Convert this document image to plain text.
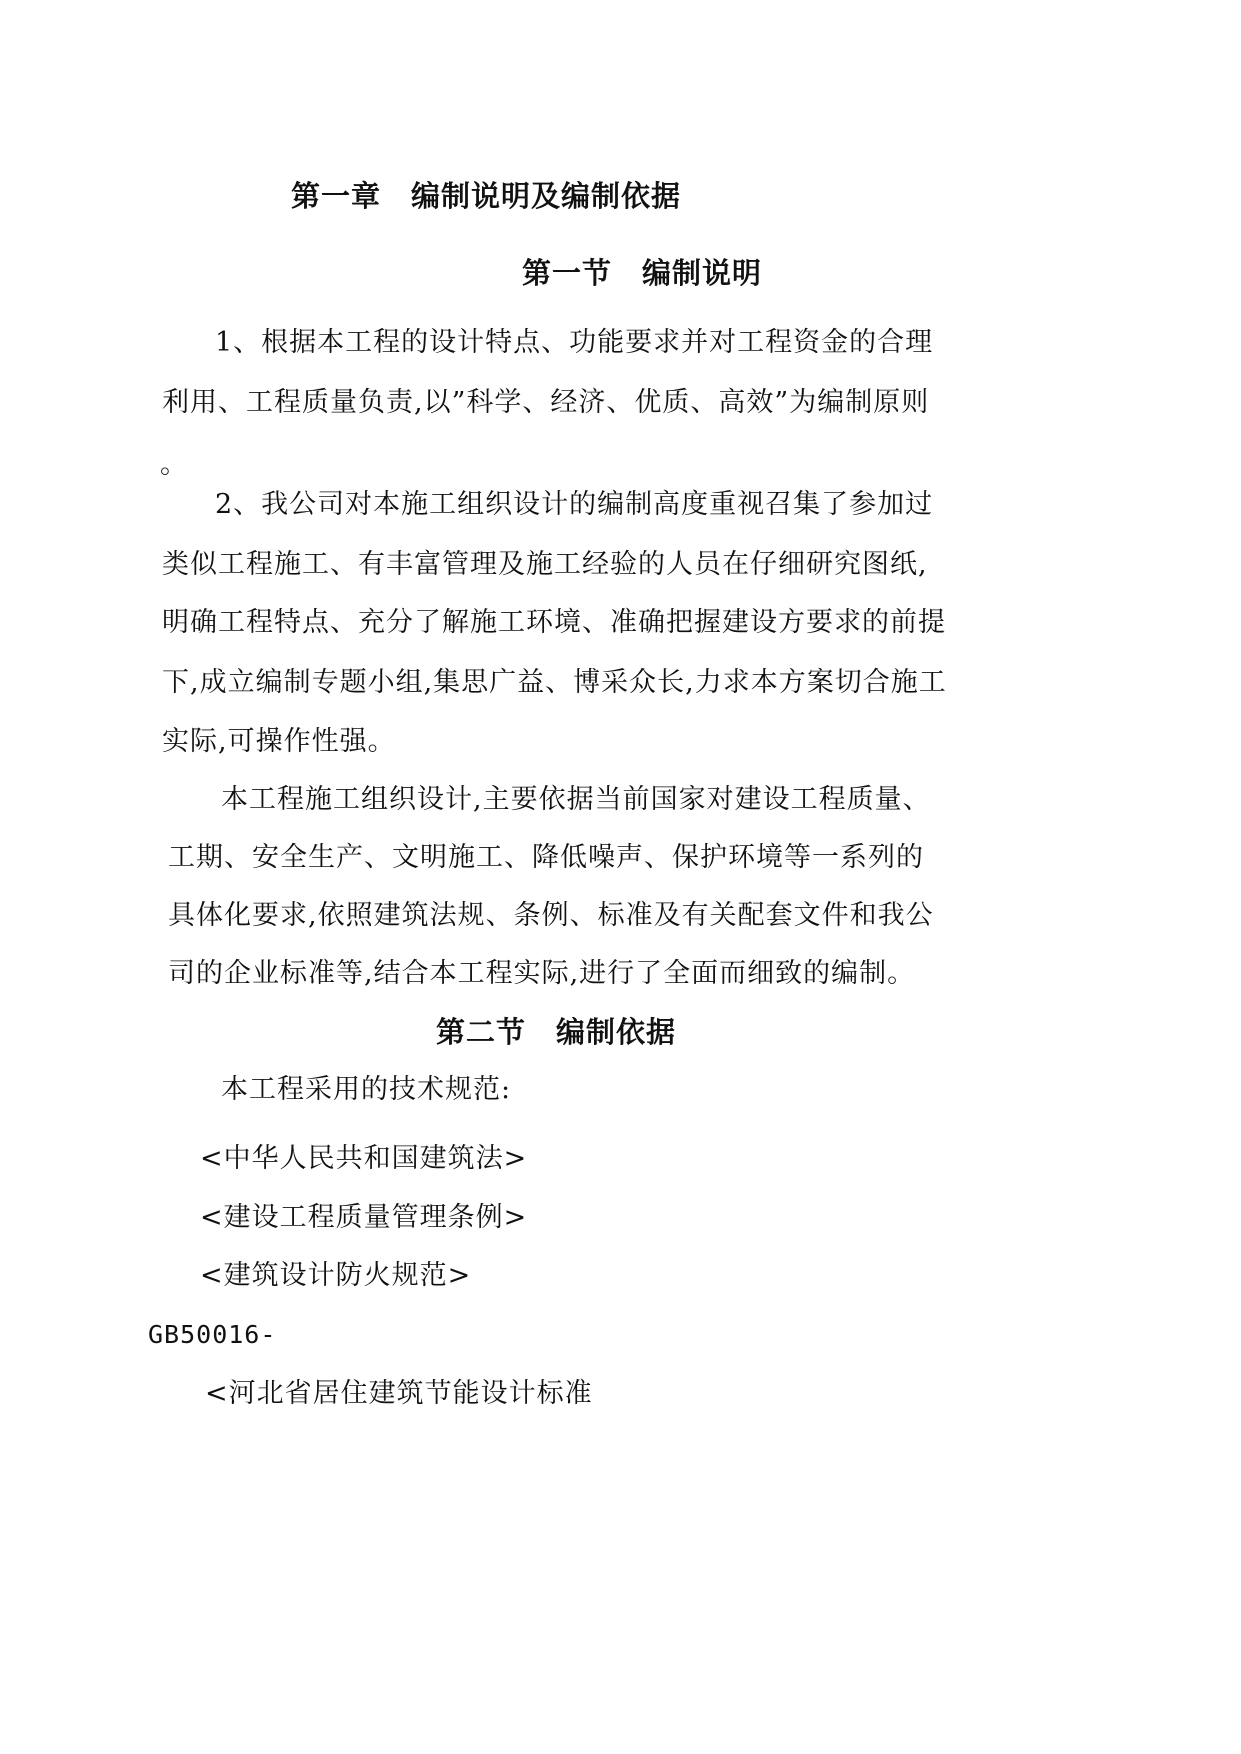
第一章　编制说明及编制依据
第一节　编制说明
1、根据本工程的设计特点、功能要求并对工程资金的合理
利用、工程质量负责,以”科学、经济、优质、高效”为编制原则
。
2、我公司对本施工组织设计的编制高度重视召集了参加过
类似工程施工、有丰富管理及施工经验的人员在仔细研究图纸,
明确工程特点、充分了解施工环境、准确把握建设方要求的前提
下,成立编制专题小组,集思广益、博采众长,力求本方案切合施工
实际,可操作性强。
本工程施工组织设计,主要依据当前国家对建设工程质量、
工期、安全生产、文明施工、降低噪声、保护环境等一系列的
具体化要求,依照建筑法规、条例、标准及有关配套文件和我公
司的企业标准等,结合本工程实际,进行了全面而细致的编制。
第二节　编制依据
本工程采用的技术规范:
<中华人民共和国建筑法>
<建设工程质量管理条例>
<建筑设计防火规范>
GB50016-
<河北省居住建筑节能设计标准
